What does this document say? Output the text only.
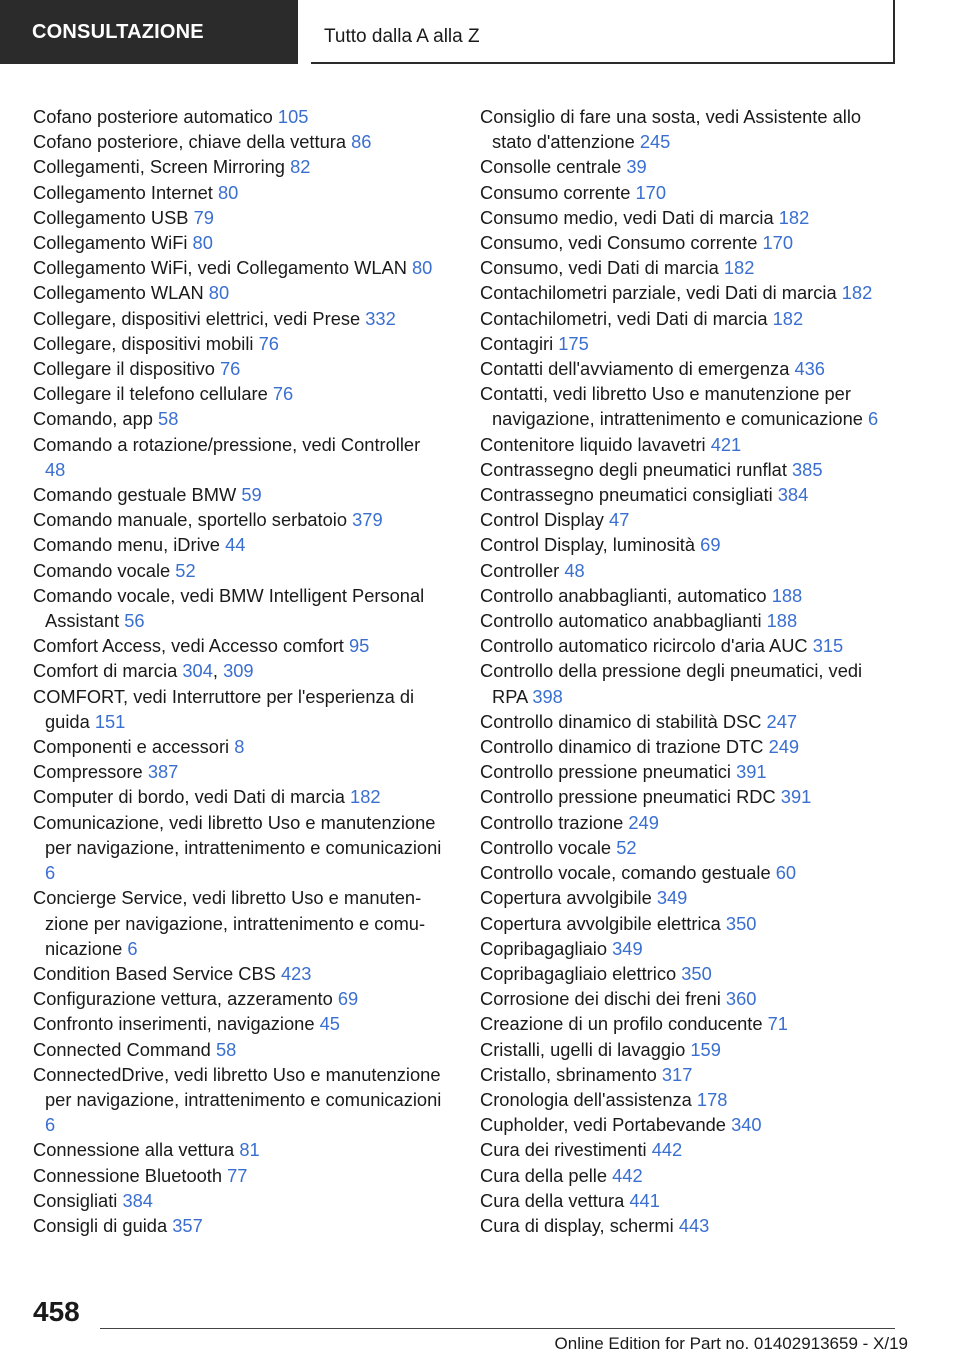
CONSULTAZIONE	Tutto dalla A alla Z
Cofano posteriore automatico 105
Cofano posteriore, chiave della vettura 86
Collegamenti, Screen Mirroring 82
Collegamento Internet 80
Collegamento USB 79
Collegamento WiFi 80
Collegamento WiFi, vedi Collegamento WLAN 80
Collegamento WLAN 80
Collegare, dispositivi elettrici, vedi Prese 332
Collegare, dispositivi mobili 76
Collegare il dispositivo 76
Collegare il telefono cellulare 76
Comando, app 58
Comando a rotazione/pressione, vedi Controller 48
Comando gestuale BMW 59
Comando manuale, sportello serbatoio 379
Comando menu, iDrive 44
Comando vocale 52
Comando vocale, vedi BMW Intelligent Personal Assistant 56
Comfort Access, vedi Accesso comfort 95
Comfort di marcia 304, 309
COMFORT, vedi Interruttore per l'esperienza di guida 151
Componenti e accessori 8
Compressore 387
Computer di bordo, vedi Dati di marcia 182
Comunicazione, vedi libretto Uso e manutenzione per navigazione, intrattenimento e comunicazioni 6
Concierge Service, vedi libretto Uso e manutenzione per navigazione, intrattenimento e comunicazione 6
Condition Based Service CBS 423
Configurazione vettura, azzeramento 69
Confronto inserimenti, navigazione 45
Connected Command 58
ConnectedDrive, vedi libretto Uso e manutenzione per navigazione, intrattenimento e comunicazioni 6
Connessione alla vettura 81
Connessione Bluetooth 77
Consigliati 384
Consigli di guida 357
Consiglio di fare una sosta, vedi Assistente allo stato d'attenzione 245
Consolle centrale 39
Consumo corrente 170
Consumo medio, vedi Dati di marcia 182
Consumo, vedi Consumo corrente 170
Consumo, vedi Dati di marcia 182
Contachilometri parziale, vedi Dati di marcia 182
Contachilometri, vedi Dati di marcia 182
Contagiri 175
Contatti dell'avviamento di emergenza 436
Contatti, vedi libretto Uso e manutenzione per navigazione, intrattenimento e comunicazione 6
Contenitore liquido lavavetri 421
Contrassegno degli pneumatici runflat 385
Contrassegno pneumatici consigliati 384
Control Display 47
Control Display, luminosità 69
Controller 48
Controllo anabbaglianti, automatico 188
Controllo automatico anabbaglianti 188
Controllo automatico ricircolo d'aria AUC 315
Controllo della pressione degli pneumatici, vedi RPA 398
Controllo dinamico di stabilità DSC 247
Controllo dinamico di trazione DTC 249
Controllo pressione pneumatici 391
Controllo pressione pneumatici RDC 391
Controllo trazione 249
Controllo vocale 52
Controllo vocale, comando gestuale 60
Copertura avvolgibile 349
Copertura avvolgibile elettrica 350
Copribagagliaio 349
Copribagagliaio elettrico 350
Corrosione dei dischi dei freni 360
Creazione di un profilo conducente 71
Cristalli, ugelli di lavaggio 159
Cristallo, sbrinamento 317
Cronologia dell'assistenza 178
Cupholder, vedi Portabevande 340
Cura dei rivestimenti 442
Cura della pelle 442
Cura della vettura 441
Cura di display, schermi 443
458
Online Edition for Part no. 01402913659 - X/19
